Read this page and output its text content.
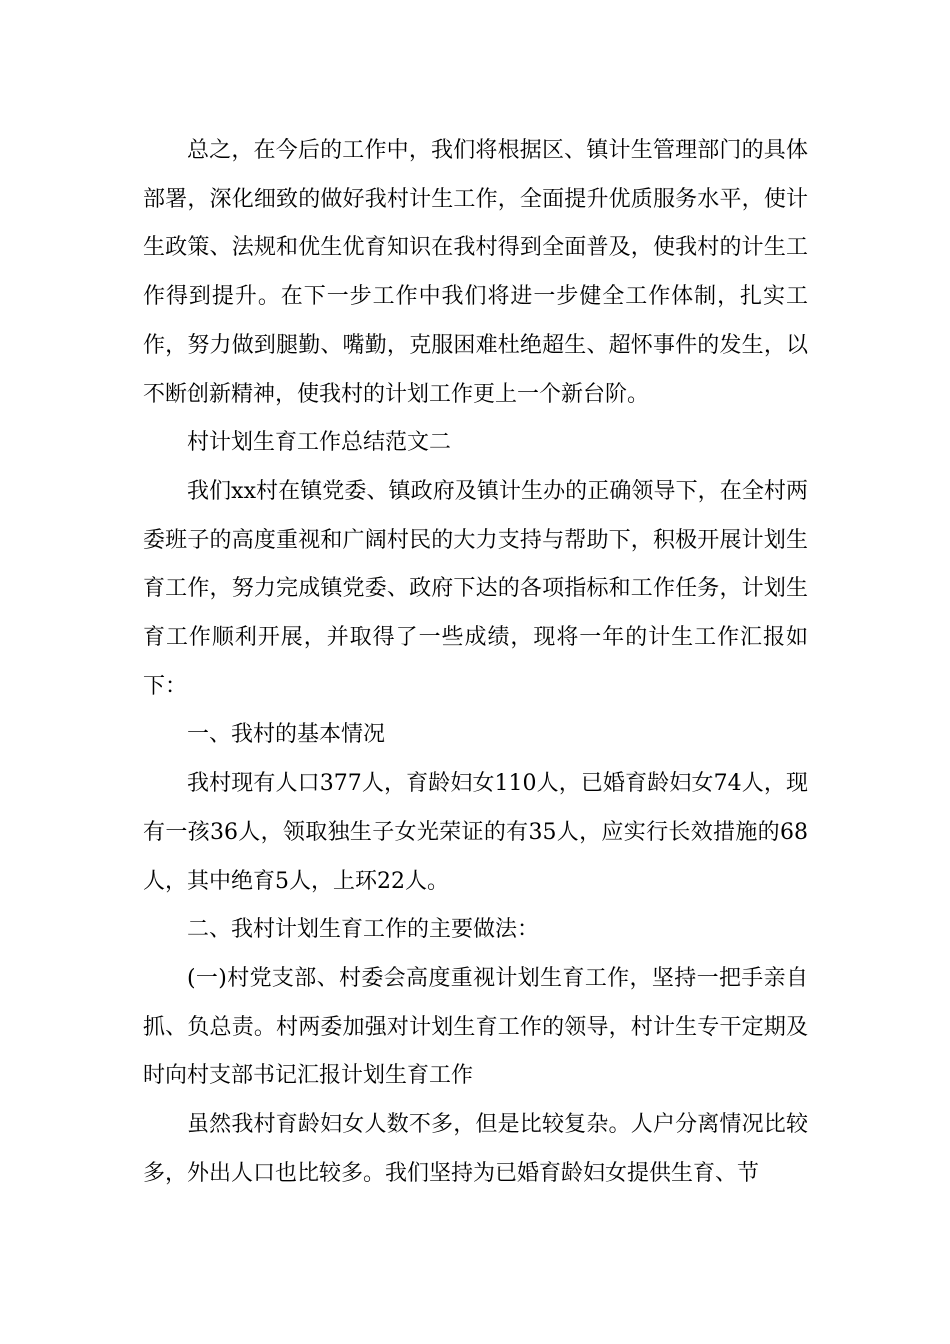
总之，在今后的工作中，我们将根据区、镇计生管理部门的具体部署，深化细致的做好我村计生工作，全面提升优质服务水平，使计生政策、法规和优生优育知识在我村得到全面普及，使我村的计生工作得到提升。在下一步工作中我们将进一步健全工作体制，扎实工作，努力做到腿勤、嘴勤，克服困难杜绝超生、超怀事件的发生，以不断创新精神，使我村的计划工作更上一个新台阶。

村计划生育工作总结范文二

我们xx村在镇党委、镇政府及镇计生办的正确领导下，在全村两委班子的高度重视和广阔村民的大力支持与帮助下，积极开展计划生育工作，努力完成镇党委、政府下达的各项指标和工作任务，计划生育工作顺利开展，并取得了一些成绩，现将一年的计生工作汇报如下：

一、我村的基本情况

我村现有人口377人，育龄妇女110人，已婚育龄妇女74人，现有一孩36人，领取独生子女光荣证的有35人，应实行长效措施的68人，其中绝育5人，上环22人。

二、我村计划生育工作的主要做法：

(一)村党支部、村委会高度重视计划生育工作，坚持一把手亲自抓、负总责。村两委加强对计划生育工作的领导，村计生专干定期及时向村支部书记汇报计划生育工作

虽然我村育龄妇女人数不多，但是比较复杂。人户分离情况比较多，外出人口也比较多。我们坚持为已婚育龄妇女提供生育、节
